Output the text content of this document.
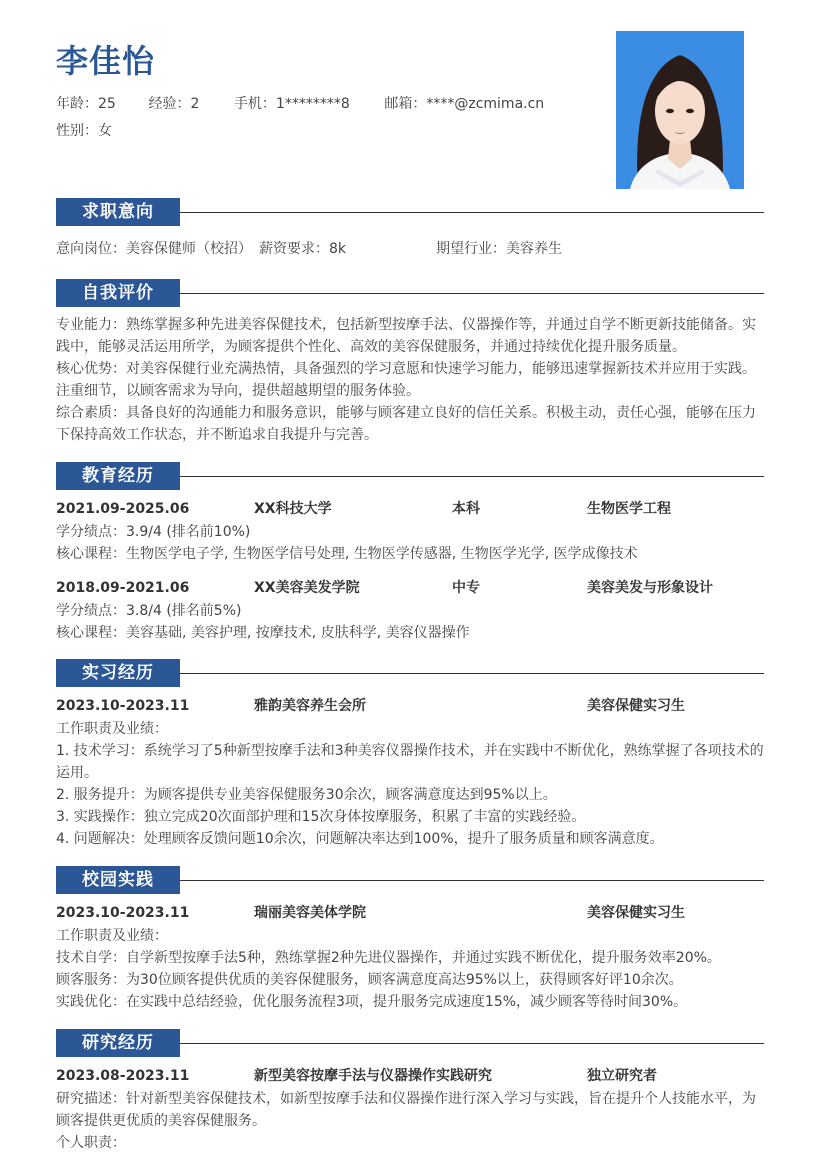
李佳怡
年龄：25 经验：2 手机：1********8 邮箱：****@zcmima.cn
性别：女
求职意向
意向岗位：美容保健师（校招） 薪资要求：8k	期望行业：美容养生
自我评价
专业能力：熟练掌握多种先进美容保健技术，包括新型按摩手法、仪器操作等，并通过自学不断更新技能储备。实践中，能够灵活运用所学，为顾客提供个性化、高效的美容保健服务，并通过持续优化提升服务质量。
核心优势：对美容保健行业充满热情，具备强烈的学习意愿和快速学习能力，能够迅速掌握新技术并应用于实践。注重细节，以顾客需求为导向，提供超越期望的服务体验。
综合素质：具备良好的沟通能力和服务意识，能够与顾客建立良好的信任关系。积极主动，责任心强，能够在压力下保持高效工作状态，并不断追求自我提升与完善。
教育经历
2021.09-2025.06	XX科技大学	本科	生物医学工程
学分绩点：3.9/4 (排名前10%)
核心课程：生物医学电子学, 生物医学信号处理, 生物医学传感器, 生物医学光学, 医学成像技术
2018.09-2021.06	XX美容美发学院	中专	美容美发与形象设计
学分绩点：3.8/4 (排名前5%)
核心课程：美容基础, 美容护理, 按摩技术, 皮肤科学, 美容仪器操作
实习经历
2023.10-2023.11	雅韵美容养生会所	美容保健实习生
工作职责及业绩：
1. 技术学习：系统学习了5种新型按摩手法和3种美容仪器操作技术，并在实践中不断优化，熟练掌握了各项技术的运用。
2. 服务提升：为顾客提供专业美容保健服务30余次，顾客满意度达到95%以上。
3. 实践操作：独立完成20次面部护理和15次身体按摩服务，积累了丰富的实践经验。
4. 问题解决：处理顾客反馈问题10余次，问题解决率达到100%，提升了服务质量和顾客满意度。
校园实践
2023.10-2023.11	瑞丽美容美体学院	美容保健实习生
工作职责及业绩：
技术自学：自学新型按摩手法5种，熟练掌握2种先进仪器操作，并通过实践不断优化，提升服务效率20%。
顾客服务：为30位顾客提供优质的美容保健服务，顾客满意度高达95%以上，获得顾客好评10余次。
实践优化：在实践中总结经验，优化服务流程3项，提升服务完成速度15%，减少顾客等待时间30%。
研究经历
2023.08-2023.11	新型美容按摩手法与仪器操作实践研究	独立研究者
研究描述：针对新型美容保健技术，如新型按摩手法和仪器操作进行深入学习与实践，旨在提升个人技能水平，为顾客提供更优质的美容保健服务。
个人职责：
